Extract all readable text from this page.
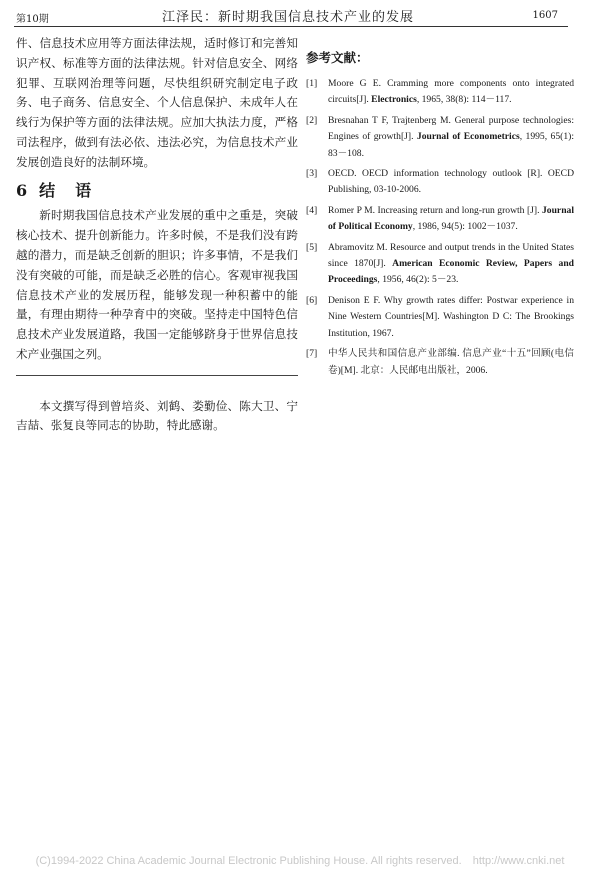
第10期	江泽民：新时期我国信息技术产业的发展	1607

件、信息技术应用等方面法律法规，适时修订和完善知识产权、标准等方面的法律法规。针对信息安全、网络犯罪、互联网治理等问题，尽快组织研究制定电子政务、电子商务、信息安全、个人信息保护、未成年人在线行为保护等方面的法律法规。应加大执法力度，严格司法程序，做到有法必依、违法必究，为信息技术产业发展创造良好的法制环境。

6 结　语

新时期我国信息技术产业发展的重中之重是，突破核心技术、提升创新能力。许多时候，不是我们没有跨越的潜力，而是缺乏创新的胆识；许多事情，不是我们没有突破的可能，而是缺乏必胜的信心。客观审视我国信息技术产业的发展历程，能够发现一种积蓄中的能量，有理由期待一种孕育中的突破。坚持走中国特色信息技术产业发展道路，我国一定能够跻身于世界信息技术产业强国之列。

本文撰写得到曾培炎、刘鹤、娄勤俭、陈大卫、宁吉喆、张复良等同志的协助，特此感谢。

参考文献：
[1] Moore G E. Cramming more components onto integrated circuits[J]. Electronics, 1965, 38(8): 114－117.
[2] Bresnahan T F, Trajtenberg M. General purpose technologies: Engines of growth[J]. Journal of Econometrics, 1995, 65(1): 83－108.
[3] OECD. OECD information technology outlook [R]. OECD Publishing, 03-10-2006.
[4] Romer P M. Increasing return and long-run growth [J]. Journal of Political Economy, 1986, 94(5): 1002－1037.
[5] Abramovitz M. Resource and output trends in the United States since 1870[J]. American Economic Review, Papers and Proceedings, 1956, 46(2): 5－23.
[6] Denison E F. Why growth rates differ: Postwar experience in Nine Western Countries[M]. Washington D C: The Brookings Institution, 1967.
[7] 中华人民共和国信息产业部编. 信息产业“十五”回顾(电信卷)[M]. 北京：人民邮电出版社，2006.
(C)1994-2022 China Academic Journal Electronic Publishing House. All rights reserved.　http://www.cnki.net
